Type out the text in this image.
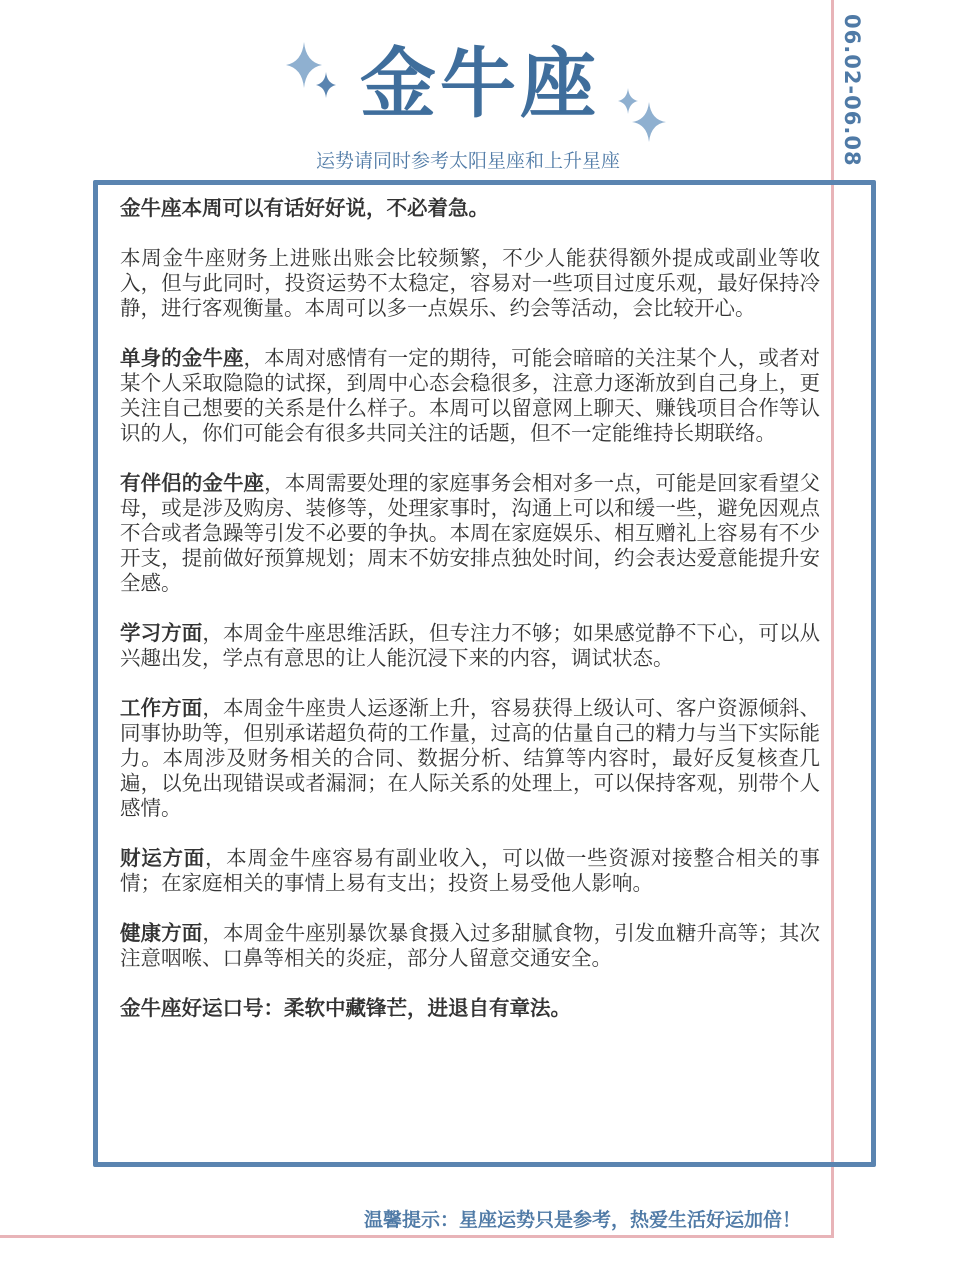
06.02-06.08
金牛座
运势请同时参考太阳星座和上升星座

金牛座本周可以有话好好说，不必着急。

本周金牛座财务上进账出账会比较频繁，不少人能获得额外提成或副业等收入，但与此同时，投资运势不太稳定，容易对一些项目过度乐观，最好保持冷静，进行客观衡量。本周可以多一点娱乐、约会等活动，会比较开心。

单身的金牛座，本周对感情有一定的期待，可能会暗暗的关注某个人，或者对某个人采取隐隐的试探，到周中心态会稳很多，注意力逐渐放到自己身上，更关注自己想要的关系是什么样子。本周可以留意网上聊天、赚钱项目合作等认识的人，你们可能会有很多共同关注的话题，但不一定能维持长期联络。

有伴侣的金牛座，本周需要处理的家庭事务会相对多一点，可能是回家看望父母，或是涉及购房、装修等，处理家事时，沟通上可以和缓一些，避免因观点不合或者急躁等引发不必要的争执。本周在家庭娱乐、相互赠礼上容易有不少开支，提前做好预算规划；周末不妨安排点独处时间，约会表达爱意能提升安全感。

学习方面，本周金牛座思维活跃，但专注力不够；如果感觉静不下心，可以从兴趣出发，学点有意思的让人能沉浸下来的内容，调试状态。

工作方面，本周金牛座贵人运逐渐上升，容易获得上级认可、客户资源倾斜、同事协助等，但别承诺超负荷的工作量，过高的估量自己的精力与当下实际能力。本周涉及财务相关的合同、数据分析、结算等内容时，最好反复核查几遍，以免出现错误或者漏洞；在人际关系的处理上，可以保持客观，别带个人感情。

财运方面，本周金牛座容易有副业收入，可以做一些资源对接整合相关的事情；在家庭相关的事情上易有支出；投资上易受他人影响。

健康方面，本周金牛座别暴饮暴食摄入过多甜腻食物，引发血糖升高等；其次注意咽喉、口鼻等相关的炎症，部分人留意交通安全。

金牛座好运口号：柔软中藏锋芒，进退自有章法。

温馨提示：星座运势只是参考，热爱生活好运加倍！
